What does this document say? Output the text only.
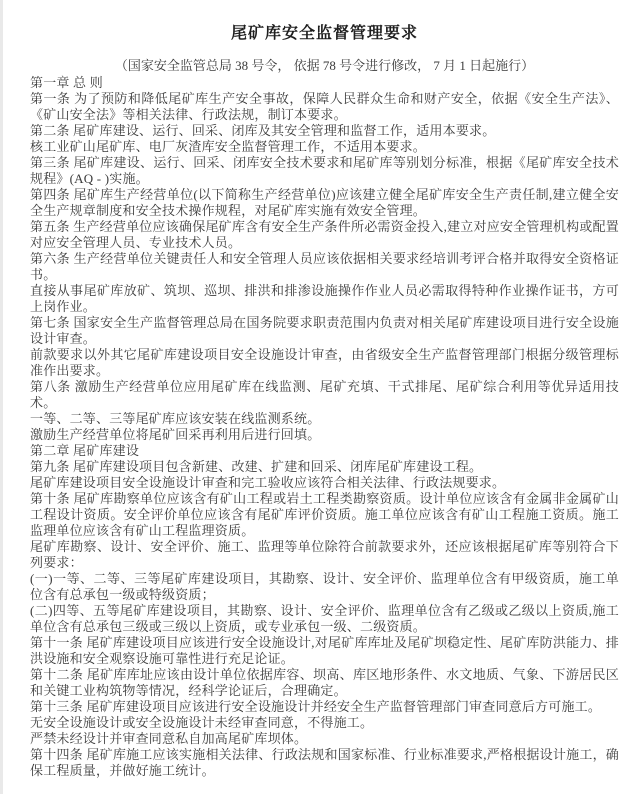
尾矿库安全监督管理要求

（国家安全监管总局 38 号令， 依据 78 号令进行修改， 7 月 1 日起施行）

第一章 总 则

第一条 为了预防和降低尾矿库生产安全事故，保障人民群众生命和财产安全，依据《安全生产法》、《矿山安全法》等相关法律、行政法规，制订本要求。

第二条 尾矿库建设、运行、回采、闭库及其安全管理和监督工作，适用本要求。

核工业矿山尾矿库、电厂灰渣库安全监督管理工作，不适用本要求。

第三条 尾矿库建设、运行、回采、闭库安全技术要求和尾矿库等别划分标准，根据《尾矿库安全技术规程》(AQ - )实施。

第四条 尾矿库生产经营单位(以下简称生产经营单位)应该建立健全尾矿库安全生产责任制,建立健全安全生产规章制度和安全技术操作规程，对尾矿库实施有效安全管理。

第五条 生产经营单位应该确保尾矿库含有安全生产条件所必需资金投入,建立对应安全管理机构或配置对应安全管理人员、专业技术人员。

第六条 生产经营单位关键责任人和安全管理人员应该依据相关要求经培训考评合格并取得安全资格证书。

直接从事尾矿库放矿、筑坝、巡坝、排洪和排渗设施操作作业人员必需取得特种作业操作证书，方可上岗作业。

第七条 国家安全生产监督管理总局在国务院要求职责范围内负责对相关尾矿库建设项目进行安全设施设计审查。

前款要求以外其它尾矿库建设项目安全设施设计审查，由省级安全生产监督管理部门根据分级管理标准作出要求。

第八条 激励生产经营单位应用尾矿库在线监测、尾矿充填、干式排尾、尾矿综合利用等优异适用技术。

一等、二等、三等尾矿库应该安装在线监测系统。

激励生产经营单位将尾矿回采再利用后进行回填。

第二章 尾矿库建设

第九条 尾矿库建设项目包含新建、改建、扩建和回采、闭库尾矿库建设工程。

尾矿库建设项目安全设施设计审查和完工验收应该符合相关法律、行政法规要求。

第十条 尾矿库勘察单位应该含有矿山工程或岩土工程类勘察资质。设计单位应该含有金属非金属矿山工程设计资质。安全评价单位应该含有尾矿库评价资质。施工单位应该含有矿山工程施工资质。施工监理单位应该含有矿山工程监理资质。

尾矿库勘察、设计、安全评价、施工、监理等单位除符合前款要求外，还应该根据尾矿库等别符合下列要求：

(一)一等、二等、三等尾矿库建设项目，其勘察、设计、安全评价、监理单位含有甲级资质，施工单位含有总承包一级或特级资质；

(二)四等、五等尾矿库建设项目，其勘察、设计、安全评价、监理单位含有乙级或乙级以上资质,施工单位含有总承包三级或三级以上资质，或专业承包一级、二级资质。

第十一条 尾矿库建设项目应该进行安全设施设计,对尾矿库库址及尾矿坝稳定性、尾矿库防洪能力、排洪设施和安全观察设施可靠性进行充足论证。

第十二条 尾矿库库址应该由设计单位依据库容、坝高、库区地形条件、水文地质、气象、下游居民区和关键工业构筑物等情况，经科学论证后，合理确定。

第十三条 尾矿库建设项目应该进行安全设施设计并经安全生产监督管理部门审查同意后方可施工。

无安全设施设计或安全设施设计未经审查同意，不得施工。

严禁未经设计并审查同意私自加高尾矿库坝体。

第十四条 尾矿库施工应该实施相关法律、行政法规和国家标准、行业标准要求,严格根据设计施工，确保工程质量，并做好施工统计。
